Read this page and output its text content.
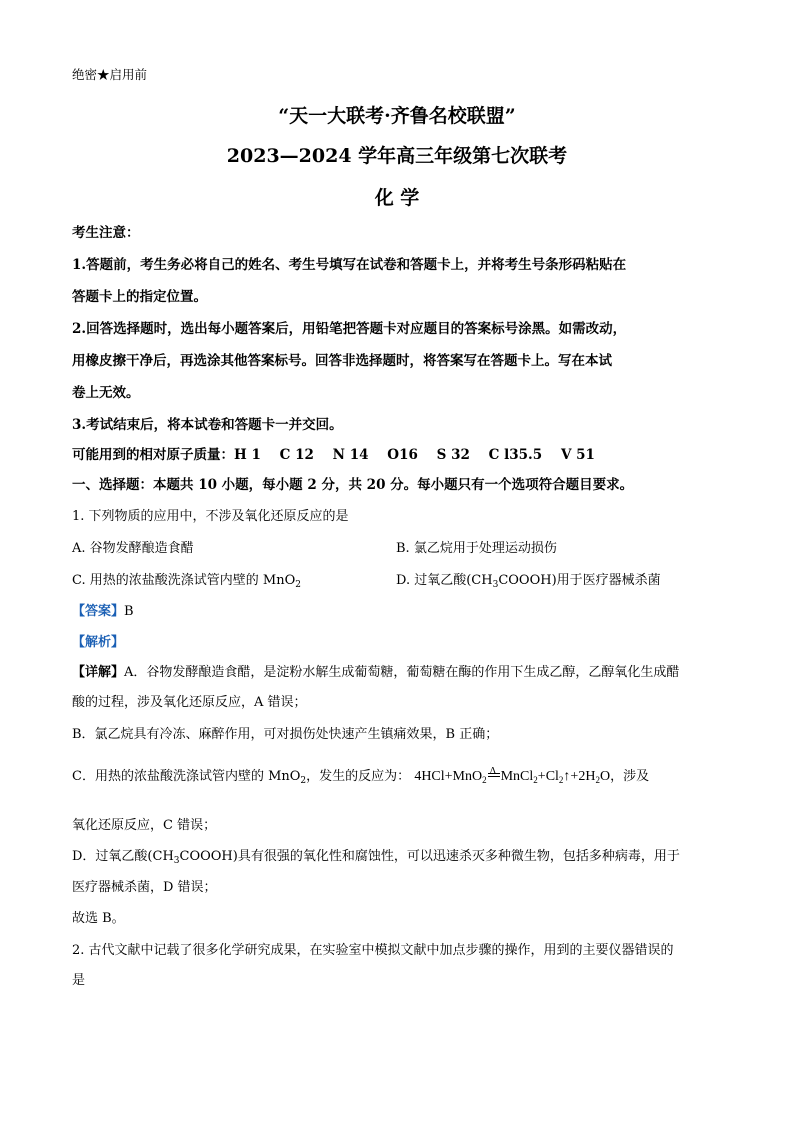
绝密★启用前
“天一大联考·齐鲁名校联盟”
2023—2024 学年高三年级第七次联考
化 学
考生注意：
1.答题前，考生务必将自己的姓名、考生号填写在试卷和答题卡上，并将考生号条形码粘贴在
答题卡上的指定位置。
2.回答选择题时，选出每小题答案后，用铅笔把答题卡对应题目的答案标号涂黑。如需改动，
用橡皮擦干净后，再选涂其他答案标号。回答非选择题时，将答案写在答题卡上。写在本试
卷上无效。
3.考试结束后，将本试卷和答题卡一并交回。
可能用到的相对原子质量：H 1    C 12    N 14    O16    S 32    C l35.5    V 51
一、选择题：本题共 10 小题，每小题 2 分，共 20 分。每小题只有一个选项符合题目要求。
1. 下列物质的应用中，不涉及氧化还原反应的是
A. 谷物发酵酿造食醋	B. 氯乙烷用于处理运动损伤
C. 用热的浓盐酸洗涤试管内壁的 MnO$_2$	D. 过氧乙酸$(CH_3COOOH)$用于医疗器械杀菌
【答案】B
【解析】
【详解】A．谷物发酵酿造食醋，是淀粉水解生成葡萄糖，葡萄糖在酶的作用下生成乙醇，乙醇氧化生成醋
酸的过程，涉及氧化还原反应，A 错误；
B．氯乙烷具有冷冻、麻醉作用，可对损伤处快速产生镇痛效果，B 正确；
C．用热的浓盐酸洗涤试管内壁的 MnO$_2$，发生的反应为： 4HCl+MnO$_2$
Δ $MnCl_2+Cl_2↑+2H_2O$，涉及
氧化还原反应，C 错误；
D．过氧乙酸$(CH_3COOOH)$具有很强的氧化性和腐蚀性，可以迅速杀灭多种微生物，包括多种病毒，用于
医疗器械杀菌，D 错误；
故选 B。
2. 古代文献中记载了很多化学研究成果，在实验室中模拟文献中加点步骤的操作，用到的主要仪器错误的
是
